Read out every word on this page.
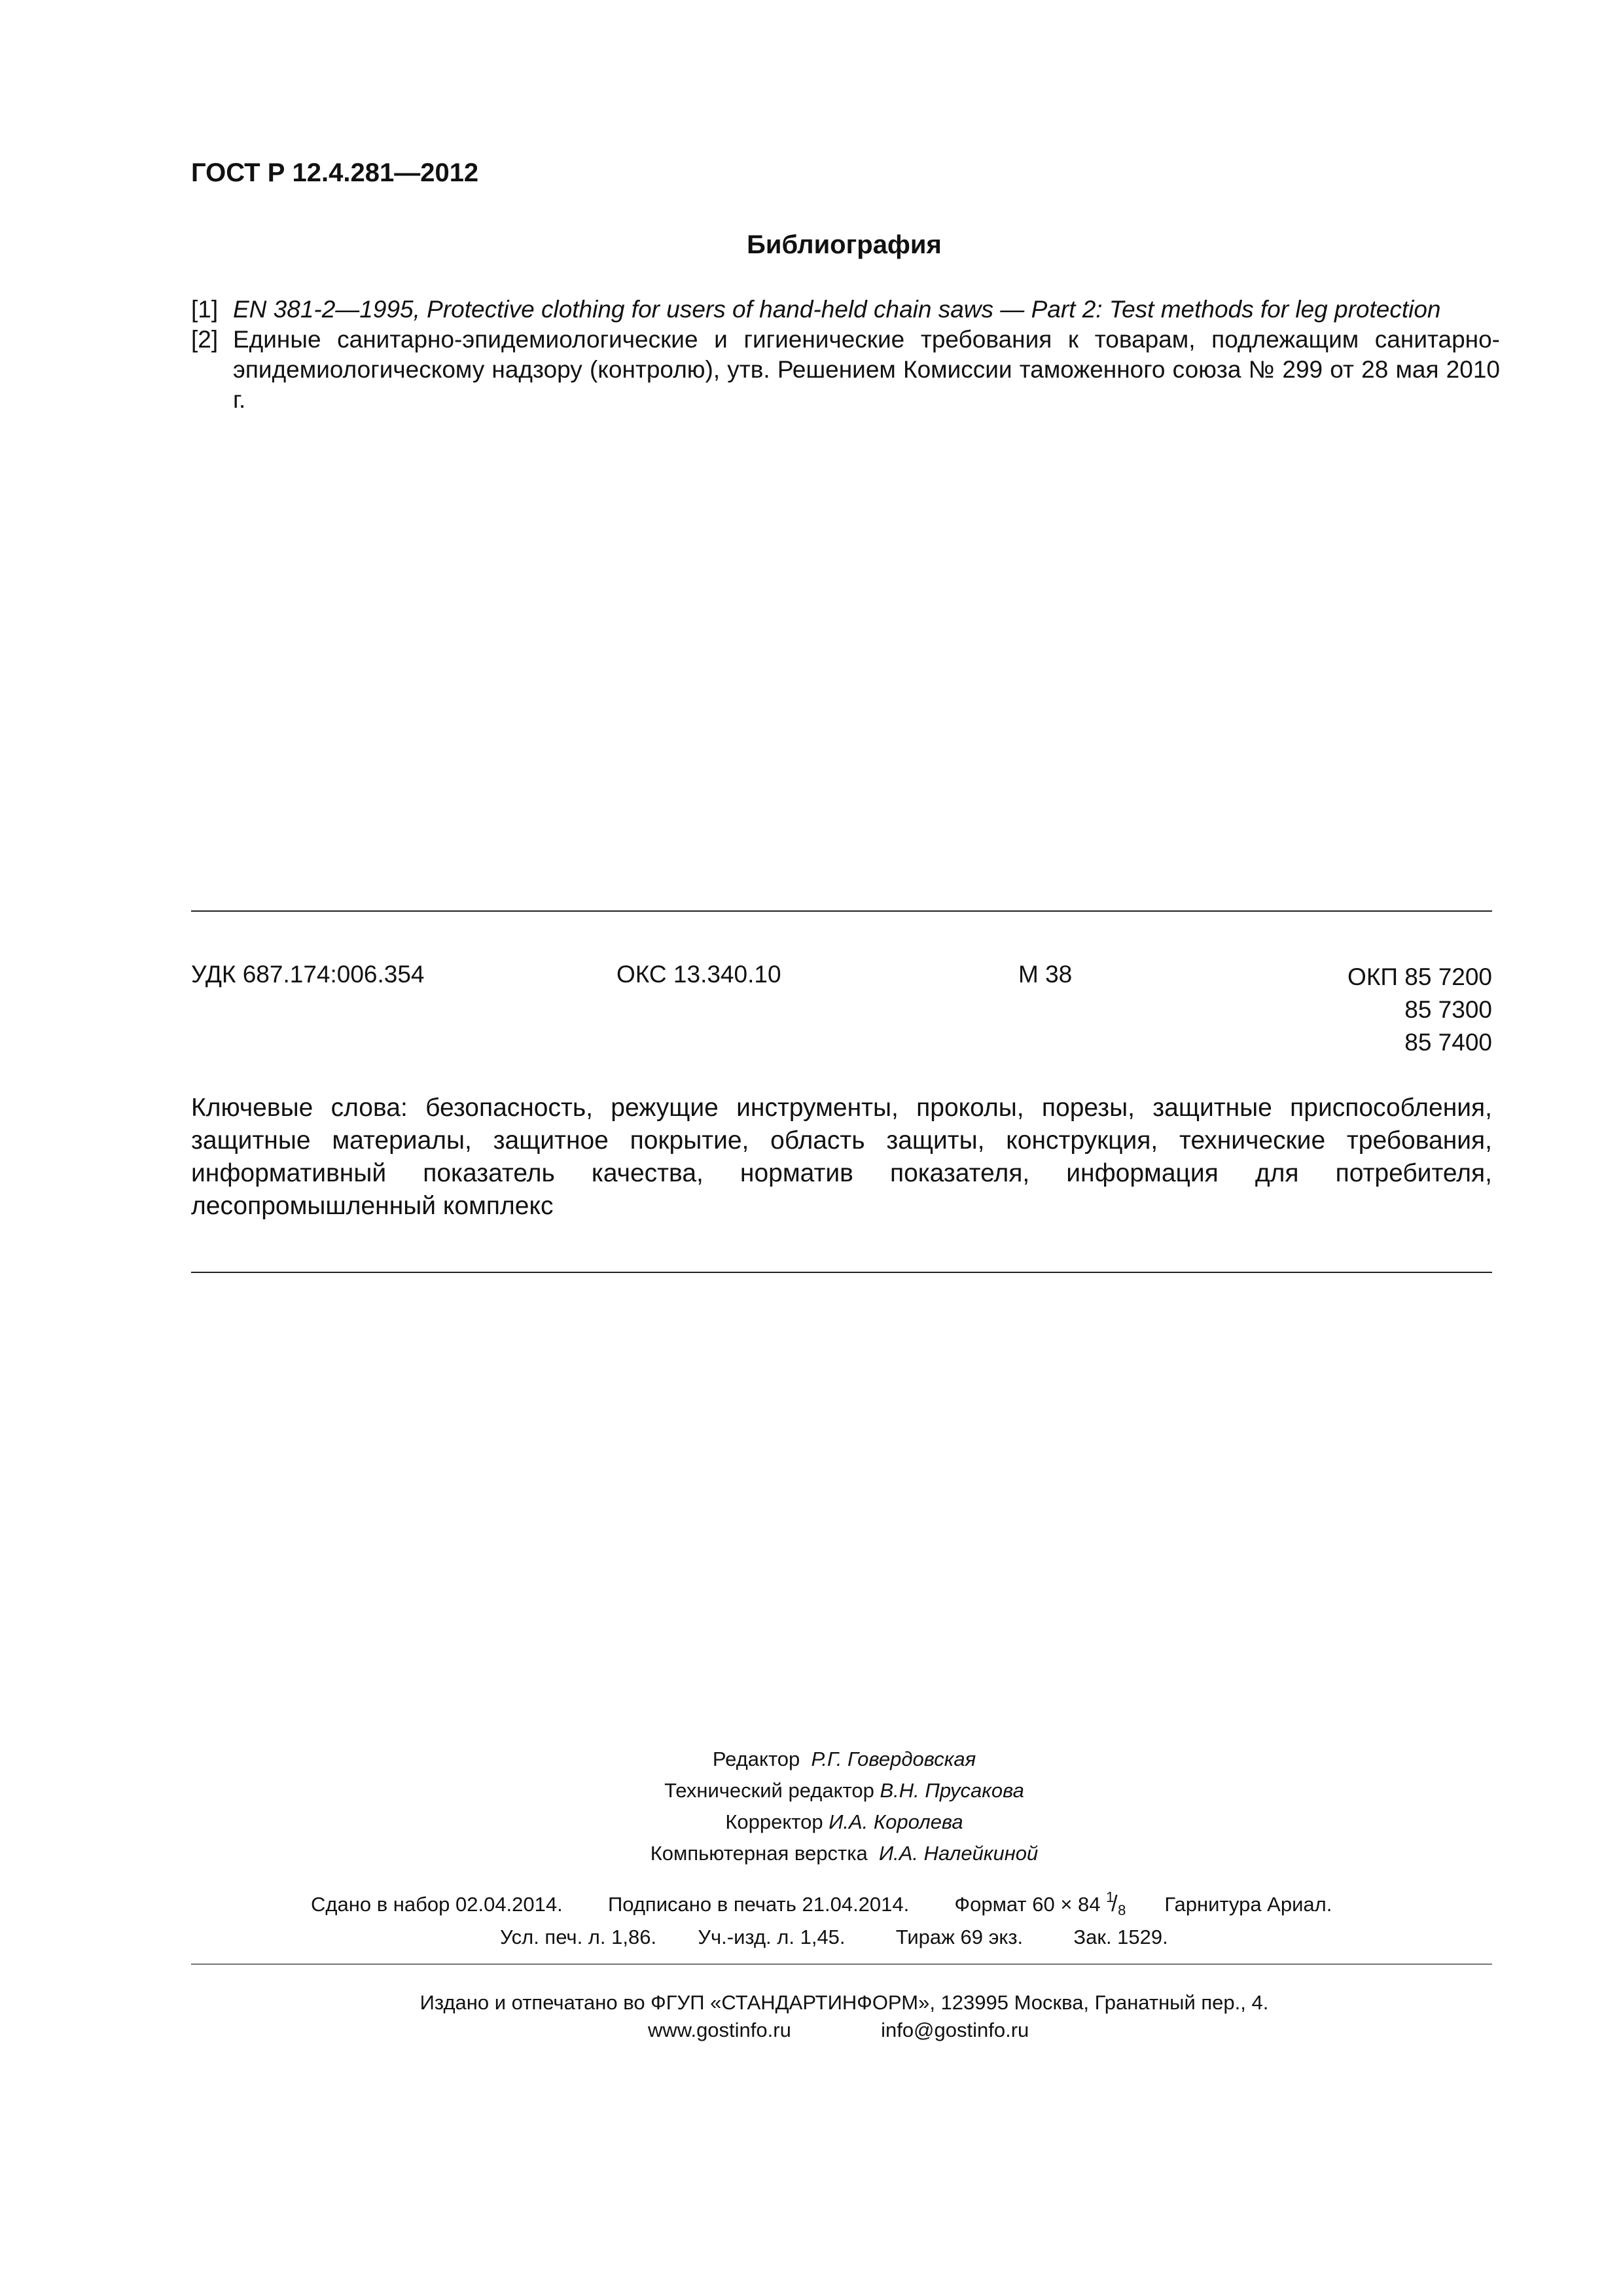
ГОСТ Р 12.4.281—2012
Библиография
[1] EN 381-2—1995, Protective clothing for users of hand-held chain saws — Part 2: Test methods for leg protection
[2] Единые санитарно-эпидемиологические и гигиенические требования к товарам, подлежащим санитарно-эпидемиологическому надзору (контролю), утв. Решением Комиссии таможенного союза № 299 от 28 мая 2010 г.
УДК 687.174:006.354	ОКС 13.340.10	М 38	ОКП 85 7200
85 7300
85 7400
Ключевые слова: безопасность, режущие инструменты, проколы, порезы, защитные приспособления, защитные материалы, защитное покрытие, область защиты, конструкция, технические требования, информативный показатель качества, норматив показателя, информация для потребителя, лесопромышленный комплекс
Редактор Р.Г. Говердовская
Технический редактор В.Н. Прусакова
Корректор И.А. Королева
Компьютерная верстка И.А. Налейкиной
Сдано в набор 02.04.2014. Подписано в печать 21.04.2014. Формат 60 × 84 1
/ 8 Гарнитура Ариал.
Усл. печ. л. 1,86. Уч.-изд. л. 1,45. Тираж 69 экз. Зак. 1529.
Издано и отпечатано во ФГУП «СТАНДАРТИНФОРМ», 123995 Москва, Гранатный пер., 4.
www.gostinfo.ru	info@gostinfo.ru
